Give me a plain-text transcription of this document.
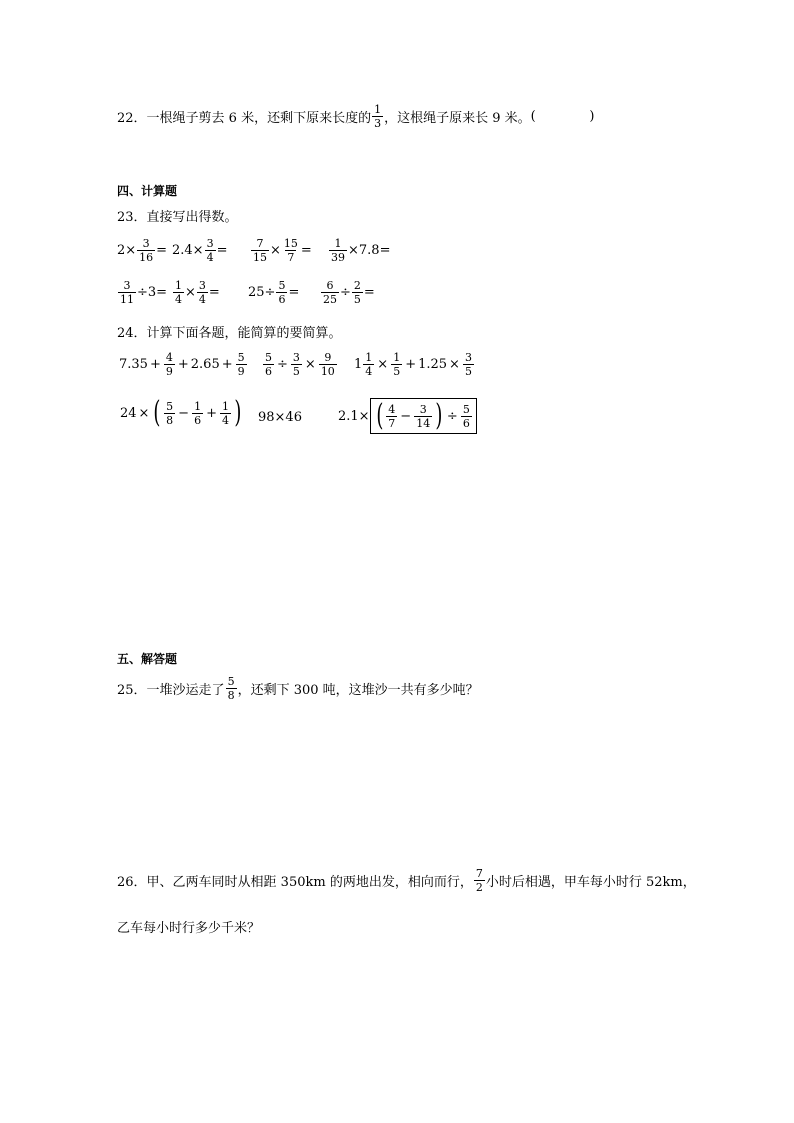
22． 一根绳子剪去 6 米，还剩下原来长度的 $\frac{1}{3}$ ，这根绳子原来长 9 米。 (             )
四、计算题
23． 直接写出得数。
$2\times \frac{3}{16} = 2.4\times \frac{3}{4} = \frac{7}{15} \times \frac{15}{7} = \frac{1}{39} \times 7.8=$
$\frac{3}{11} \div 3= \frac{1}{4} \times \frac{3}{4} = 25\div \frac{5}{6} = \frac{6}{25} \div \frac{2}{5}$ =
24． 计算下面各题，能简算的要简算。
$7.35 + \frac{4}{9} + 2.65 + \frac{5}{9} \frac{5}{6} \div \frac{3}{5} \times \frac{9}{10} 1 \frac{1}{4} \times \frac{1}{5} + 1.25 \times \frac{3}{5}$
24 × ( $\frac{5}{8} - \frac{1}{6} + \frac{1}{4}$ ) 98×46	2.1× ( $\frac{4}{7} - \frac{3}{14}$ ) ÷ $\frac{5}{6}$
五、解答题
25． 一堆沙运走了 $\frac{5}{8}$ ，还剩下 300 吨，这堆沙一共有多少吨？
26． 甲、乙两车同时从相距 350km 的两地出发，相向而行， $\frac{7}{2}$ 小时后相遇，甲车每小时行 52km，
乙车每小时行多少千米？
